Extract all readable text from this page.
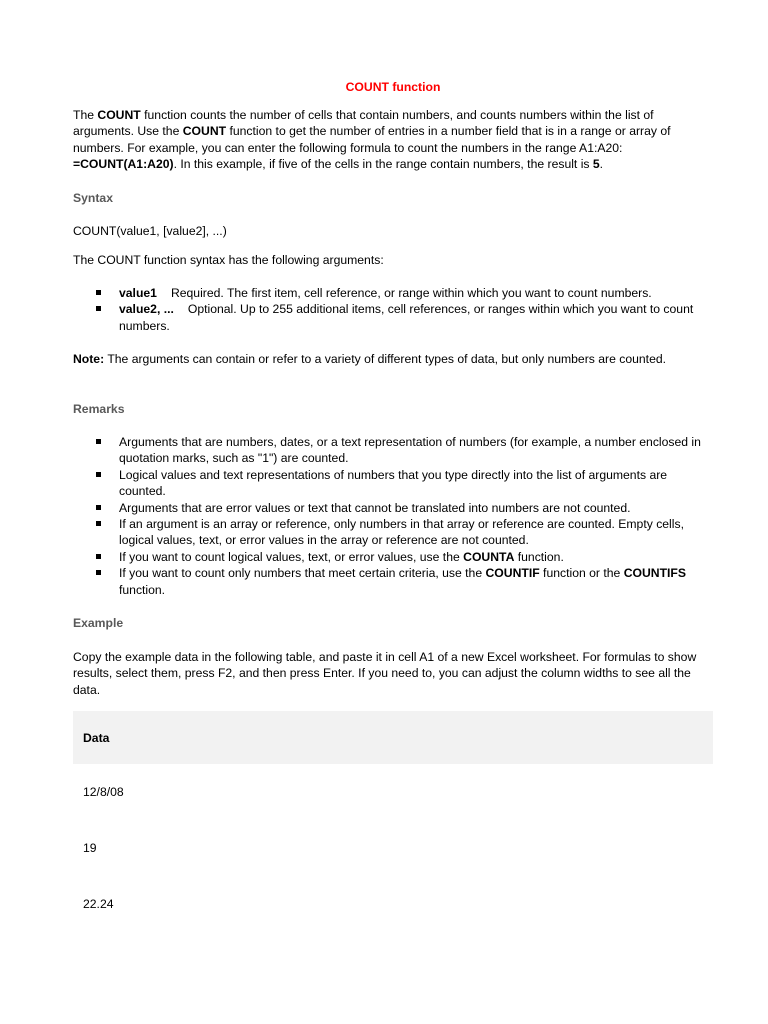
COUNT function

The COUNT function counts the number of cells that contain numbers, and counts numbers within the list of arguments. Use the COUNT function to get the number of entries in a number field that is in a range or array of numbers. For example, you can enter the following formula to count the numbers in the range A1:A20: =COUNT(A1:A20). In this example, if five of the cells in the range contain numbers, the result is 5.

Syntax
COUNT(value1, [value2], ...)
The COUNT function syntax has the following arguments:
value1 Required. The first item, cell reference, or range within which you want to count numbers.
value2, ... Optional. Up to 255 additional items, cell references, or ranges within which you want to count numbers.

Note: The arguments can contain or refer to a variety of different types of data, but only numbers are counted.

Remarks
Arguments that are numbers, dates, or a text representation of numbers (for example, a number enclosed in quotation marks, such as "1") are counted.
Logical values and text representations of numbers that you type directly into the list of arguments are counted.
Arguments that are error values or text that cannot be translated into numbers are not counted.
If an argument is an array or reference, only numbers in that array or reference are counted. Empty cells, logical values, text, or error values in the array or reference are not counted.
If you want to count logical values, text, or error values, use the COUNTA function.
If you want to count only numbers that meet certain criteria, use the COUNTIF function or the COUNTIFS function.
Example

Copy the example data in the following table, and paste it in cell A1 of a new Excel worksheet. For formulas to show results, select them, press F2, and then press Enter. If you need to, you can adjust the column widths to see all the data.

Data
12/8/08
19
22.24
